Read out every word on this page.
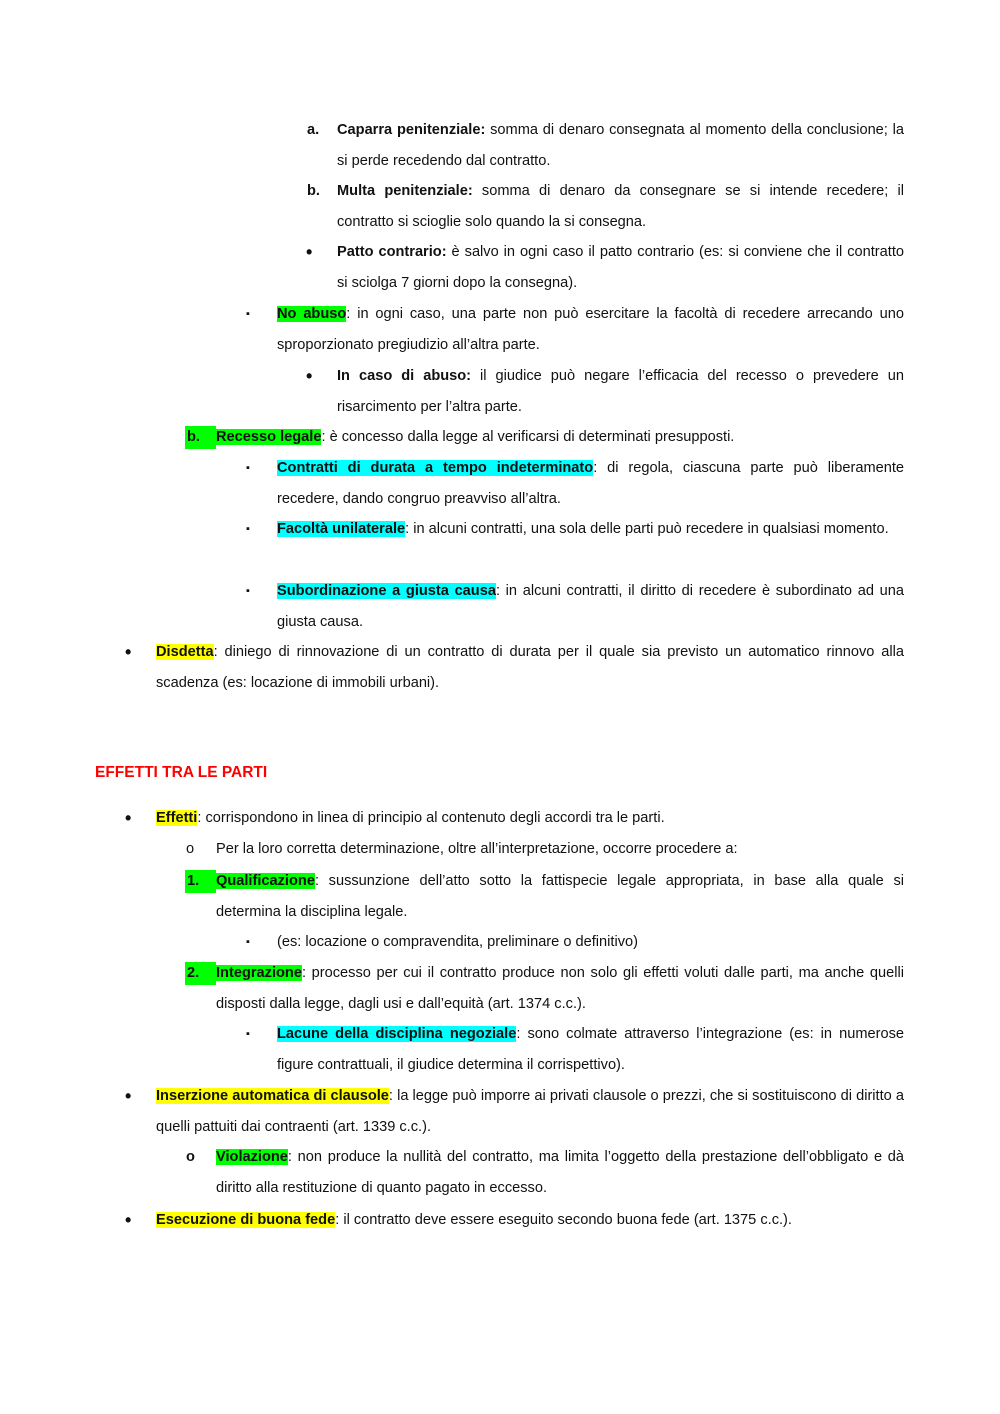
a. Caparra penitenziale: somma di denaro consegnata al momento della conclusione; la si perde recedendo dal contratto.
b. Multa penitenziale: somma di denaro da consegnare se si intende recedere; il contratto si scioglie solo quando la si consegna.
• Patto contrario: è salvo in ogni caso il patto contrario (es: si conviene che il contratto si sciolga 7 giorni dopo la consegna).
▪ No abuso: in ogni caso, una parte non può esercitare la facoltà di recedere arrecando uno sproporzionato pregiudizio all’altra parte.
• In caso di abuso: il giudice può negare l’efficacia del recesso o prevedere un risarcimento per l’altra parte.
b. Recesso legale: è concesso dalla legge al verificarsi di determinati presupposti.
▪ Contratti di durata a tempo indeterminato: di regola, ciascuna parte può liberamente recedere, dando congruo preavviso all’altra.
▪ Facoltà unilaterale: in alcuni contratti, una sola delle parti può recedere in qualsiasi momento.
▪ Subordinazione a giusta causa: in alcuni contratti, il diritto di recedere è subordinato ad una giusta causa.
• Disdetta: diniego di rinnovazione di un contratto di durata per il quale sia previsto un automatico rinnovo alla scadenza (es: locazione di immobili urbani).
EFFETTI TRA LE PARTI
• Effetti: corrispondono in linea di principio al contenuto degli accordi tra le parti.
o Per la loro corretta determinazione, oltre all’interpretazione, occorre procedere a:
1. Qualificazione: sussunzione dell’atto sotto la fattispecie legale appropriata, in base alla quale si determina la disciplina legale.
▪ (es: locazione o compravendita, preliminare o definitivo)
2. Integrazione: processo per cui il contratto produce non solo gli effetti voluti dalle parti, ma anche quelli disposti dalla legge, dagli usi e dall’equità (art. 1374 c.c.).
▪ Lacune della disciplina negoziale: sono colmate attraverso l’integrazione (es: in numerose figure contrattuali, il giudice determina il corrispettivo).
• Inserzione automatica di clausole: la legge può imporre ai privati clausole o prezzi, che si sostituiscono di diritto a quelli pattuiti dai contraenti (art. 1339 c.c.).
o Violazione: non produce la nullità del contratto, ma limita l’oggetto della prestazione dell’obbligato e dà diritto alla restituzione di quanto pagato in eccesso.
• Esecuzione di buona fede: il contratto deve essere eseguito secondo buona fede (art. 1375 c.c.).
